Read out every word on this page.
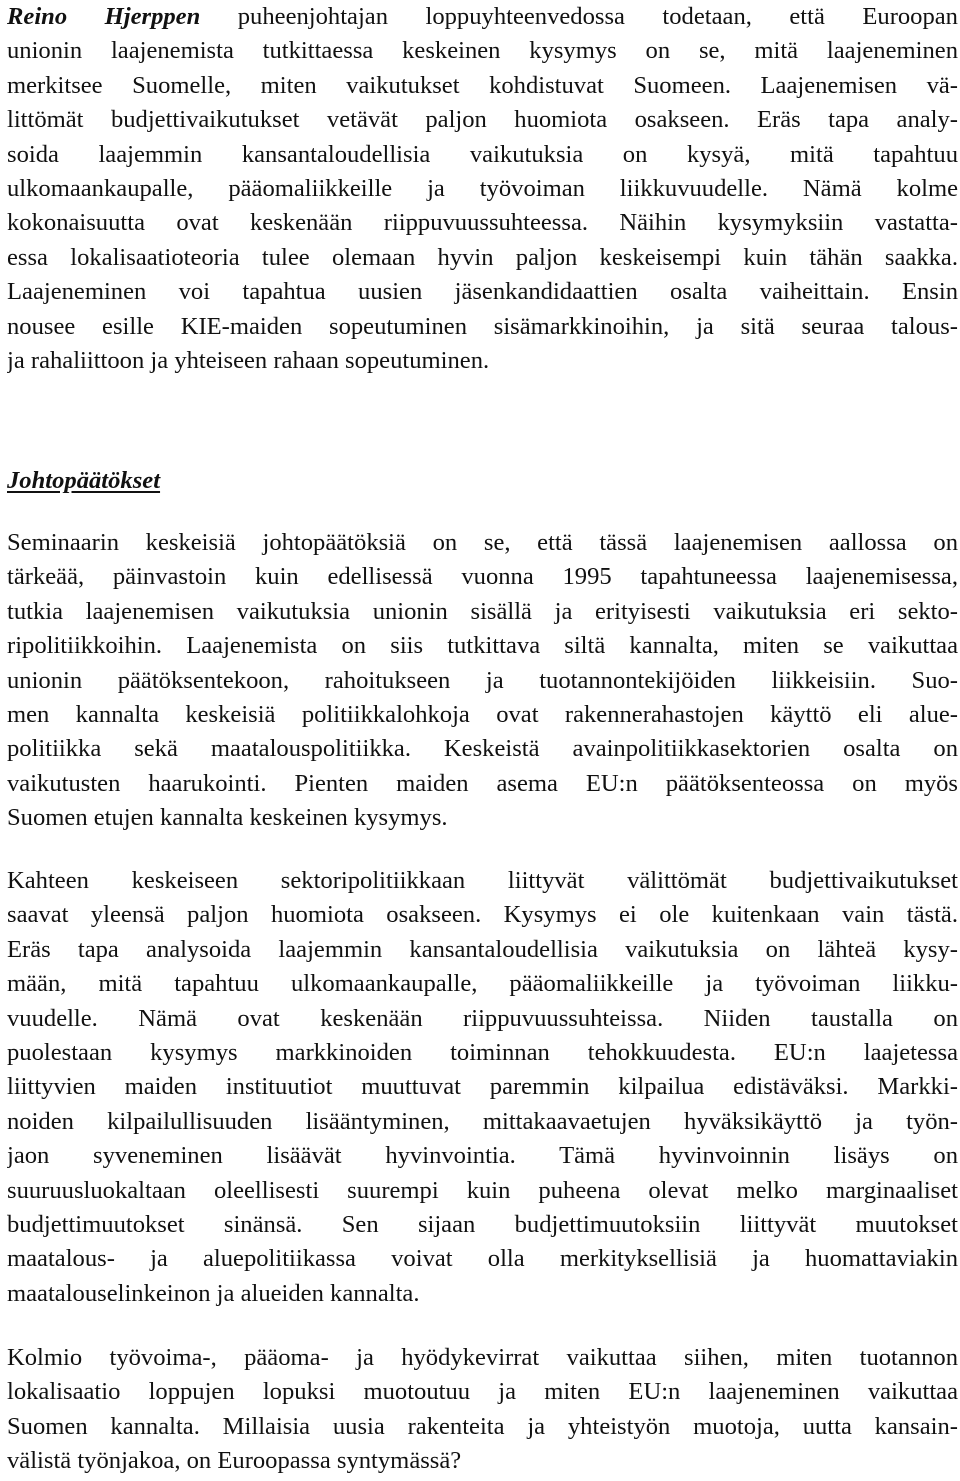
Reino Hjerppen puheenjohtajan loppuyhteenvedossa todetaan, että Euroopan
unionin laajenemista tutkittaessa keskeinen kysymys on se, mitä laajeneminen
merkitsee Suomelle, miten vaikutukset kohdistuvat Suomeen. Laajenemisen vä-
littömät budjettivaikutukset vetävät paljon huomiota osakseen. Eräs tapa analy-
soida laajemmin kansantaloudellisia vaikutuksia on kysyä, mitä tapahtuu
ulkomaankaupalle, pääomaliikkeille ja työvoiman liikkuvuudelle. Nämä kolme
kokonaisuutta ovat keskenään riippuvuussuhteessa. Näihin kysymyksiin vastatta-
essa lokalisaatioteoria tulee olemaan hyvin paljon keskeisempi kuin tähän saakka.
Laajeneminen voi tapahtua uusien jäsenkandidaattien osalta vaiheittain. Ensin
nousee esille KIE-maiden sopeutuminen sisämarkkinoihin, ja sitä seuraa talous-
ja rahaliittoon ja yhteiseen rahaan sopeutuminen.
Johtopäätökset
Seminaarin keskeisiä johtopäätöksiä on se, että tässä laajenemisen aallossa on
tärkeää, päinvastoin kuin edellisessä vuonna 1995 tapahtuneessa laajenemisessa,
tutkia laajenemisen vaikutuksia unionin sisällä ja erityisesti vaikutuksia eri sekto-
ripolitiikkoihin. Laajenemista on siis tutkittava siltä kannalta, miten se vaikuttaa
unionin päätöksentekoon, rahoitukseen ja tuotannontekijöiden liikkeisiin. Suo-
men kannalta keskeisiä politiikkalohkoja ovat rakennerahastojen käyttö eli alue-
politiikka sekä maatalouspolitiikka. Keskeistä avainpolitiikkasektorien osalta on
vaikutusten haarukointi. Pienten maiden asema EU:n päätöksenteossa on myös
Suomen etujen kannalta keskeinen kysymys.
Kahteen keskeiseen sektoripolitiikkaan liittyvät välittömät budjettivaikutukset
saavat yleensä paljon huomiota osakseen. Kysymys ei ole kuitenkaan vain tästä.
Eräs tapa analysoida laajemmin kansantaloudellisia vaikutuksia on lähteä kysy-
mään, mitä tapahtuu ulkomaankaupalle, pääomaliikkeille ja työvoiman liikku-
vuudelle. Nämä ovat keskenään riippuvuussuhteissa. Niiden taustalla on
puolestaan kysymys markkinoiden toiminnan tehokkuudesta. EU:n laajetessa
liittyvien maiden instituutiot muuttuvat paremmin kilpailua edistäväksi. Markki-
noiden kilpailullisuuden lisääntyminen, mittakaavaetujen hyväksikäyttö ja työn-
jaon syveneminen lisäävät hyvinvointia. Tämä hyvinvoinnin lisäys on
suuruusluokaltaan oleellisesti suurempi kuin puheena olevat melko marginaaliset
budjettimuutokset sinänsä. Sen sijaan budjettimuutoksiin liittyvät muutokset
maatalous- ja aluepolitiikassa voivat olla merkityksellisiä ja huomattaviakin
maatalouselinkeinon ja alueiden kannalta.
Kolmio työvoima-, pääoma- ja hyödykevirrat vaikuttaa siihen, miten tuotannon
lokalisaatio loppujen lopuksi muotoutuu ja miten EU:n laajeneminen vaikuttaa
Suomen kannalta. Millaisia uusia rakenteita ja yhteistyön muotoja, uutta kansain-
välistä työnjakoa, on Euroopassa syntymässä?
